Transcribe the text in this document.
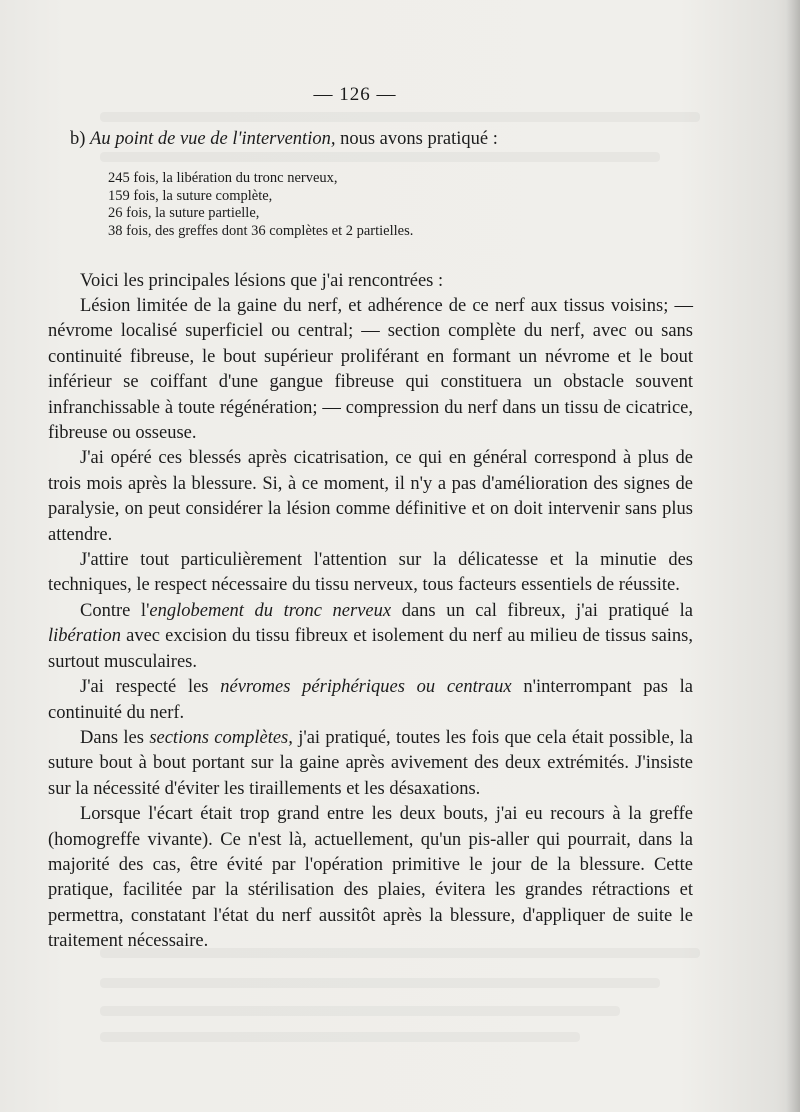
— 126 —
b) Au point de vue de l'intervention, nous avons pratiqué :
245 fois, la libération du tronc nerveux,
159 fois, la suture complète,
26 fois, la suture partielle,
38 fois, des greffes dont 36 complètes et 2 partielles.
Voici les principales lésions que j'ai rencontrées :

Lésion limitée de la gaine du nerf, et adhérence de ce nerf aux tissus voisins; — névrome localisé superficiel ou central; — section complète du nerf, avec ou sans continuité fibreuse, le bout supérieur proliférant en formant un névrome et le bout inférieur se coiffant d'une gangue fibreuse qui constituera un obstacle souvent infranchissable à toute régénération; — compression du nerf dans un tissu de cicatrice, fibreuse ou osseuse.

J'ai opéré ces blessés après cicatrisation, ce qui en général correspond à plus de trois mois après la blessure. Si, à ce moment, il n'y a pas d'amélioration des signes de paralysie, on peut considérer la lésion comme définitive et on doit intervenir sans plus attendre.

J'attire tout particulièrement l'attention sur la délicatesse et la minutie des techniques, le respect nécessaire du tissu nerveux, tous facteurs essentiels de réussite.

Contre l'englobement du tronc nerveux dans un cal fibreux, j'ai pratiqué la libération avec excision du tissu fibreux et isolement du nerf au milieu de tissus sains, surtout musculaires.

J'ai respecté les névromes périphériques ou centraux n'interrompant pas la continuité du nerf.

Dans les sections complètes, j'ai pratiqué, toutes les fois que cela était possible, la suture bout à bout portant sur la gaine après avivement des deux extrémités. J'insiste sur la nécessité d'éviter les tiraillements et les désaxations.

Lorsque l'écart était trop grand entre les deux bouts, j'ai eu recours à la greffe (homogreffe vivante). Ce n'est là, actuellement, qu'un pis-aller qui pourrait, dans la majorité des cas, être évité par l'opération primitive le jour de la blessure. Cette pratique, facilitée par la stérilisation des plaies, évitera les grandes rétractions et permettra, constatant l'état du nerf aussitôt après la blessure, d'appliquer de suite le traitement nécessaire.
